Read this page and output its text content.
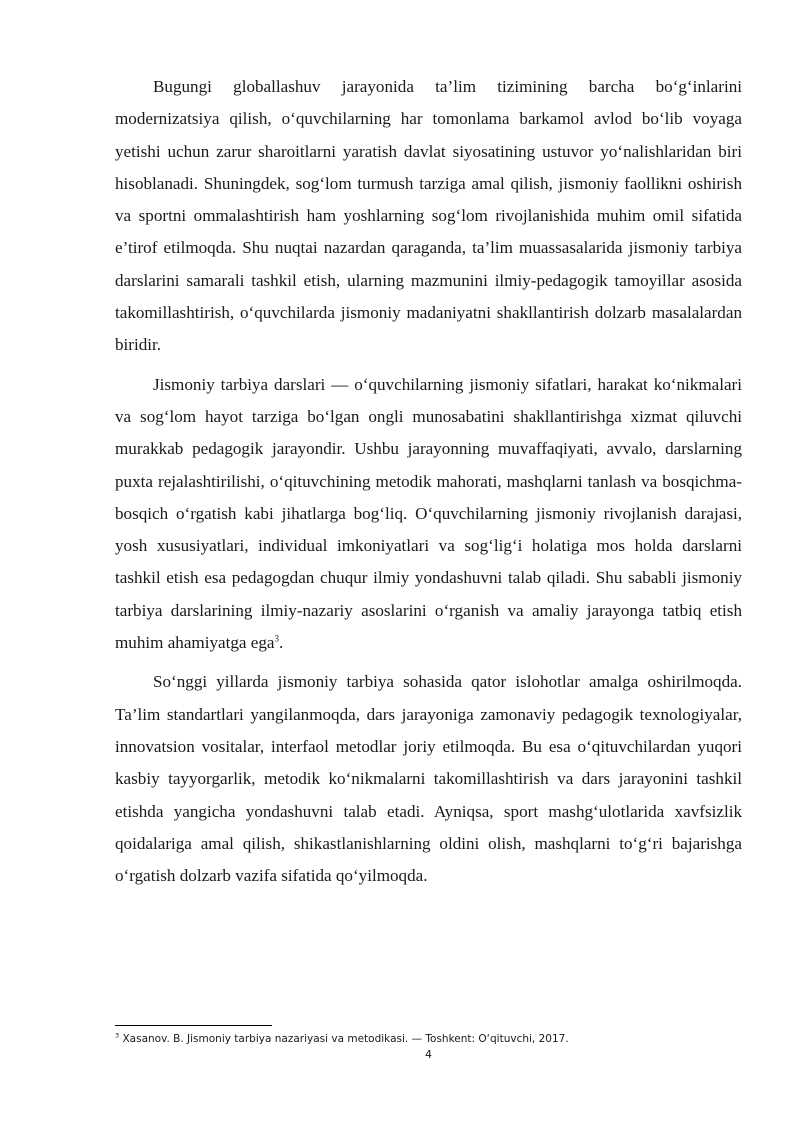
Bugungi globallashuv jarayonida ta’lim tizimining barcha bo‘g‘inlarini modernizatsiya qilish, o‘quvchilarning har tomonlama barkamol avlod bo‘lib voyaga yetishi uchun zarur sharoitlarni yaratish davlat siyosatining ustuvor yo‘nalishlaridan biri hisoblanadi. Shuningdek, sog‘lom turmush tarziga amal qilish, jismoniy faollikni oshirish va sportni ommalashtirish ham yoshlarning sog‘lom rivojlanishida muhim omil sifatida e’tirof etilmoqda. Shu nuqtai nazardan qaraganda, ta’lim muassasalarida jismoniy tarbiya darslarini samarali tashkil etish, ularning mazmunini ilmiy-pedagogik tamoyillar asosida takomillashtirish, o‘quvchilarda jismoniy madaniyatni shakllantirish dolzarb masalalardan biridir.

Jismoniy tarbiya darslari — o‘quvchilarning jismoniy sifatlari, harakat ko‘nikmalari va sog‘lom hayot tarziga bo‘lgan ongli munosabatini shakllantirishga xizmat qiluvchi murakkab pedagogik jarayondir. Ushbu jarayonning muvaffaqiyati, avvalo, darslarning puxta rejalashtirilishi, o‘qituvchining metodik mahorati, mashqlarni tanlash va bosqichma-bosqich o‘rgatish kabi jihatlarga bog‘liq. O‘quvchilarning jismoniy rivojlanish darajasi, yosh xususiyatlari, individual imkoniyatlari va sog‘lig‘i holatiga mos holda darslarni tashkil etish esa pedagogdan chuqur ilmiy yondashuvni talab qiladi. Shu sababli jismoniy tarbiya darslarining ilmiy-nazariy asoslarini o‘rganish va amaliy jarayonga tatbiq etish muhim ahamiyatga ega$^3$.

So‘nggi yillarda jismoniy tarbiya sohasida qator islohotlar amalga oshirilmoqda. Ta’lim standartlari yangilanmoqda, dars jarayoniga zamonaviy pedagogik texnologiyalar, innovatsion vositalar, interfaol metodlar joriy etilmoqda. Bu esa o‘qituvchilardan yuqori kasbiy tayyorgarlik, metodik ko‘nikmalarni takomillashtirish va dars jarayonini tashkil etishda yangicha yondashuvni talab etadi. Ayniqsa, sport mashg‘ulotlarida xavfsizlik qoidalariga amal qilish, shikastlanishlarning oldini olish, mashqlarni to‘g‘ri bajarishga o‘rgatish dolzarb vazifa sifatida qo‘yilmoqda.

$^3$ Xasanov. B. Jismoniy tarbiya nazariyasi va metodikasi. — Toshkent: O‘qituvchi, 2017.
4
